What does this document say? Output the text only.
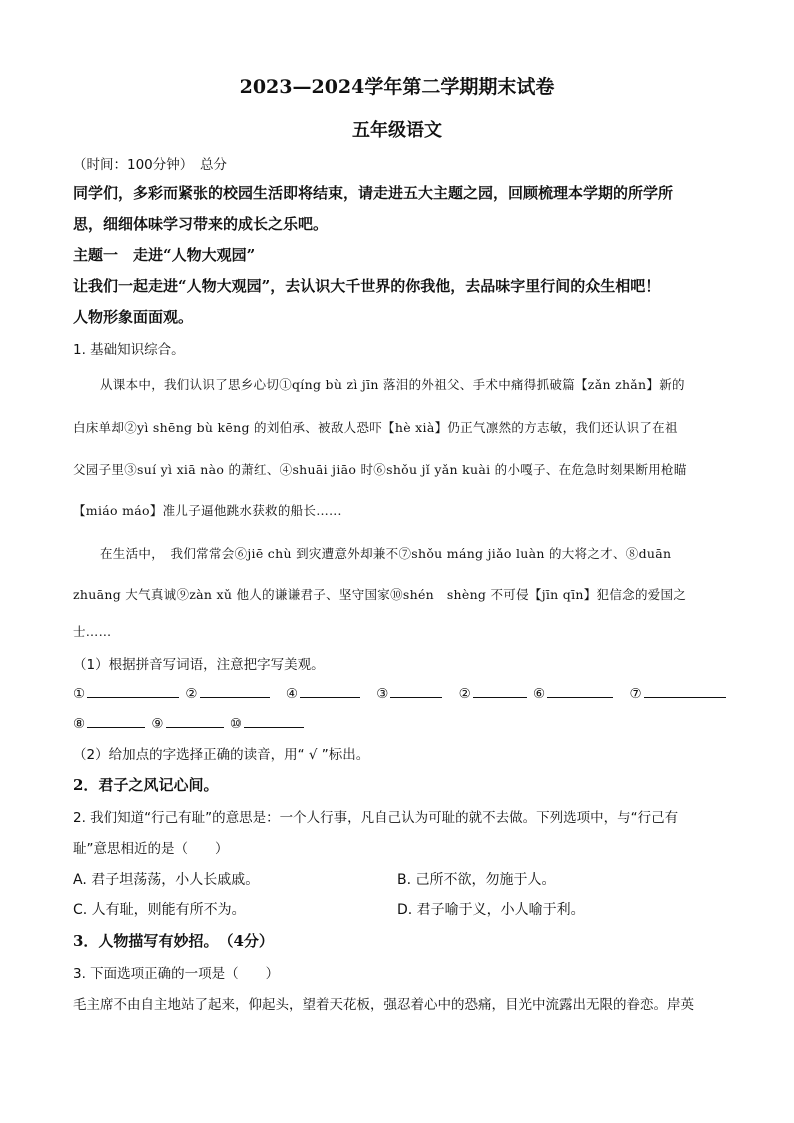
2023—2024学年第二学期期末试卷
五年级语文
（时间：100分钟）　总分
同学们，多彩而紧张的校园生活即将结束，请走进五大主题之园，回顾梳理本学期的所学所
思，细细体味学习带来的成长之乐吧。
主题一　走进“人物大观园”
让我们一起走进“人物大观园”，去认识大千世界的你我他，去品味字里行间的众生相吧！
人物形象面面观。
1. 基础知识综合。
从课本中，我们认识了思乡心切①qíng bù zì jīn 落泪的外祖父、手术中痛得抓破篇【zǎn zhǎn】新的
白床单却②yì shēng bù kēng 的刘伯承、被敌人恐吓【hè xià】仍正气凛然的方志敏，我们还认识了在祖
父园子里③suí yì xiā nào 的萧红、④shuāi jiāo 时⑥shǒu jǐ yǎn kuài 的小嘎子、在危急时刻果断用枪瞄
【miáo máo】准儿子逼他跳水获救的船长……
在生活中，　我们常常会⑥jiē chù 到灾遭意外却兼不⑦shǒu máng jiǎo luàn 的大将之才、⑧duān
zhuāng 大气真诚⑨zàn xǔ 他人的谦谦君子、坚守国家⑩shén　shèng 不可侵【jīn qīn】犯信念的爱国之
士……
（1）根据拼音写词语，注意把字写美观。
①	②	④	③	②	⑥	⑦
⑧	⑨	⑩
（2）给加点的字选择正确的读音，用“ √ ”标出。
2．君子之风记心间。
2. 我们知道“行己有耻”的意思是：一个人行事，凡自己认为可耻的就不去做。下列选项中，与“行己有
耻”意思相近的是（　　）
A. 君子坦荡荡，小人长戚戚。	B. 己所不欲，勿施于人。
C. 人有耻，则能有所不为。	D. 君子喻于义，小人喻于利。
3．人物描写有妙招。　（4分）
3. 下面选项正确的一项是（　　）
毛主席不由自主地站了起来，仰起头，望着天花板，强忍着心中的恐痛，目光中流露出无限的眷恋。岸英
